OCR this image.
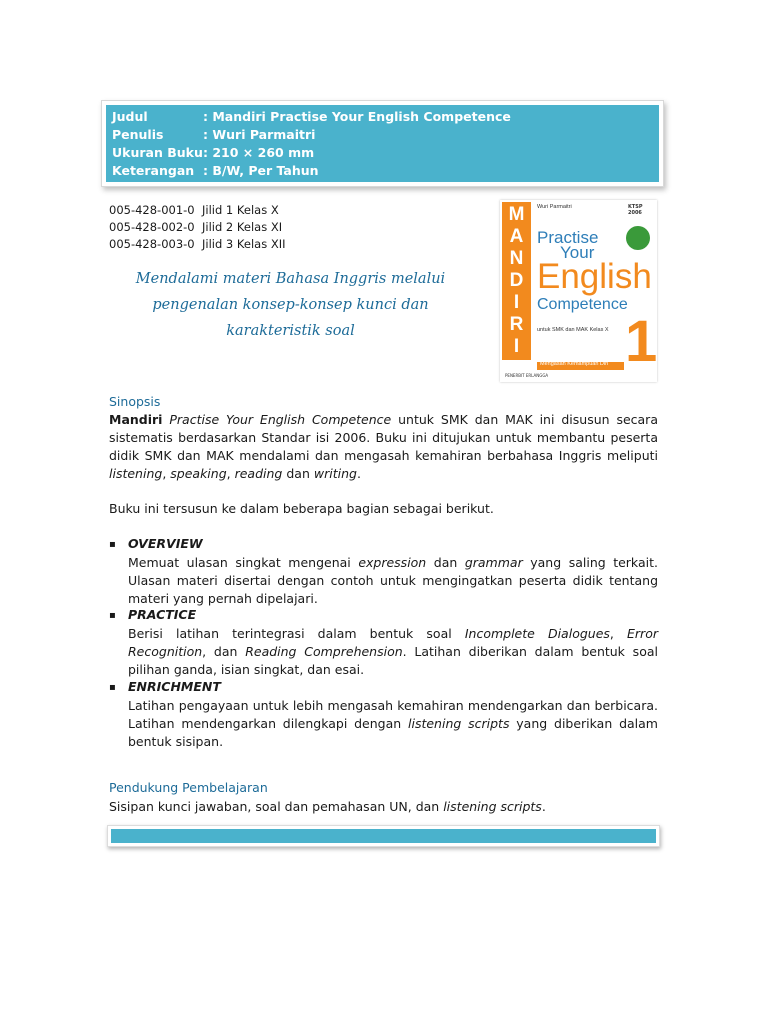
Judul	: Mandiri Practise Your English Competence
Penulis	: Wuri Parmaitri
Ukuran Buku: 210 × 260 mm
Keterangan : B/W, Per Tahun
005-428-001-0 Jilid 1 Kelas X
005-428-002-0 Jilid 2 Kelas XI
005-428-003-0 Jilid 3 Kelas XII
Mendalami materi Bahasa Inggris melalui
pengenalan konsep-konsep kunci dan
karakteristik soal
M
A
N
D
I
R
I
Wuri Parmaitri	KTSP 2006
Practise
Your
English
Competence
untuk SMK dan MAK Kelas X 1
Mengasah Kemampuan Diri
PENERBIT ERLANGGA
Sinopsis
Mandiri Practise Your English Competence untuk SMK dan MAK ini disusun secara sistematis berdasarkan Standar isi 2006. Buku ini ditujukan untuk membantu peserta didik SMK dan MAK mendalami dan mengasah kemahiran berbahasa Inggris meliputi listening, speaking, reading dan writing.
Buku ini tersusun ke dalam beberapa bagian sebagai berikut.
▪ OVERVIEW
Memuat ulasan singkat mengenai expression dan grammar yang saling terkait. Ulasan materi disertai dengan contoh untuk mengingatkan peserta didik tentang materi yang pernah dipelajari.
▪ PRACTICE
Berisi latihan terintegrasi dalam bentuk soal Incomplete Dialogues, Error Recognition, dan Reading Comprehension. Latihan diberikan dalam bentuk soal pilihan ganda, isian singkat, dan esai.
▪ ENRICHMENT
Latihan pengayaan untuk lebih mengasah kemahiran mendengarkan dan berbicara. Latihan mendengarkan dilengkapi dengan listening scripts yang diberikan dalam bentuk sisipan.
Pendukung Pembelajaran
Sisipan kunci jawaban, soal dan pemahasan UN, dan listening scripts.
